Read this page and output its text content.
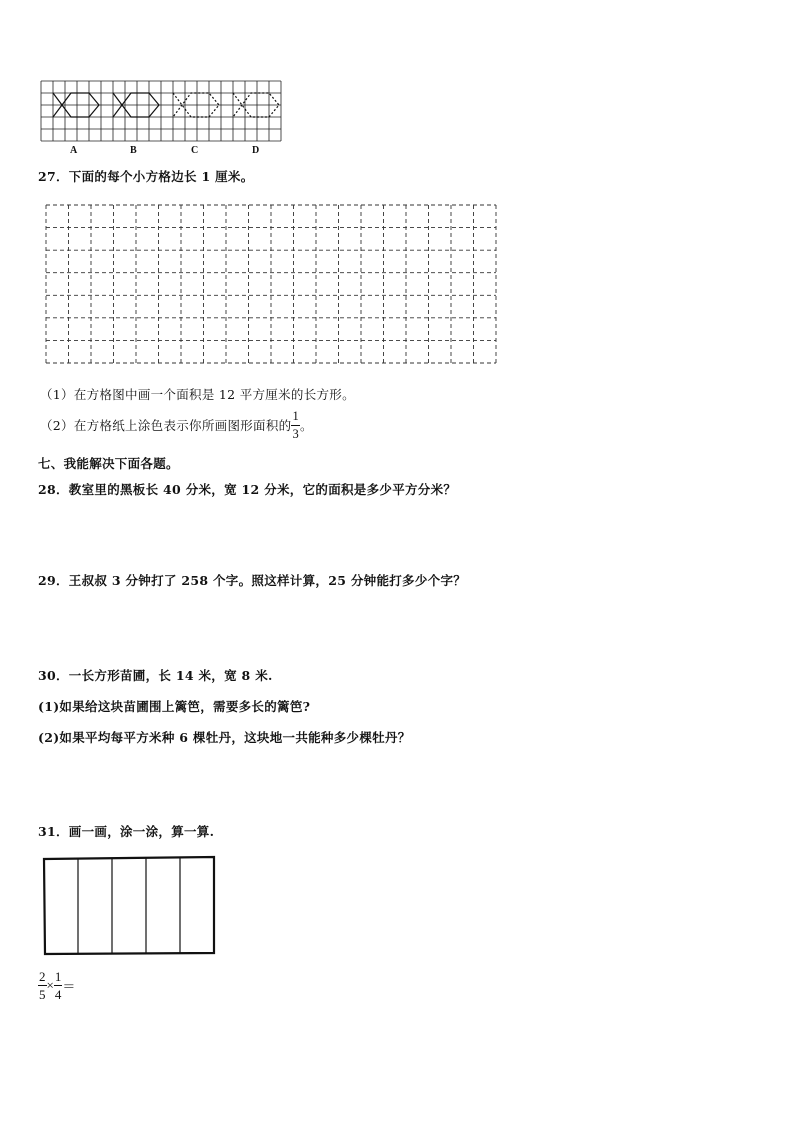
A	B	C	D
27．下面的每个小方格边长 1 厘米。
（1）在方格图中画一个面积是 12 平方厘米的长方形。
（2）在方格纸上涂色表示你所画图形面积的 $\frac{1}{3}$ 。
七、我能解决下面各题。
28．教室里的黑板长 40 分米，宽 12 分米，它的面积是多少平方分米？
29．王叔叔 3 分钟打了 258 个字。照这样计算，25 分钟能打多少个字？
30．一长方形苗圃，长 14 米，宽 8 米.
(1)如果给这块苗圃围上篱笆，需要多长的篱笆?
(2)如果平均每平方米种 6 棵牡丹，这块地一共能种多少棵牡丹？
31．画一画，涂一涂，算一算.
$\frac{2}{5} \times \frac{1}{4}$ ＝
